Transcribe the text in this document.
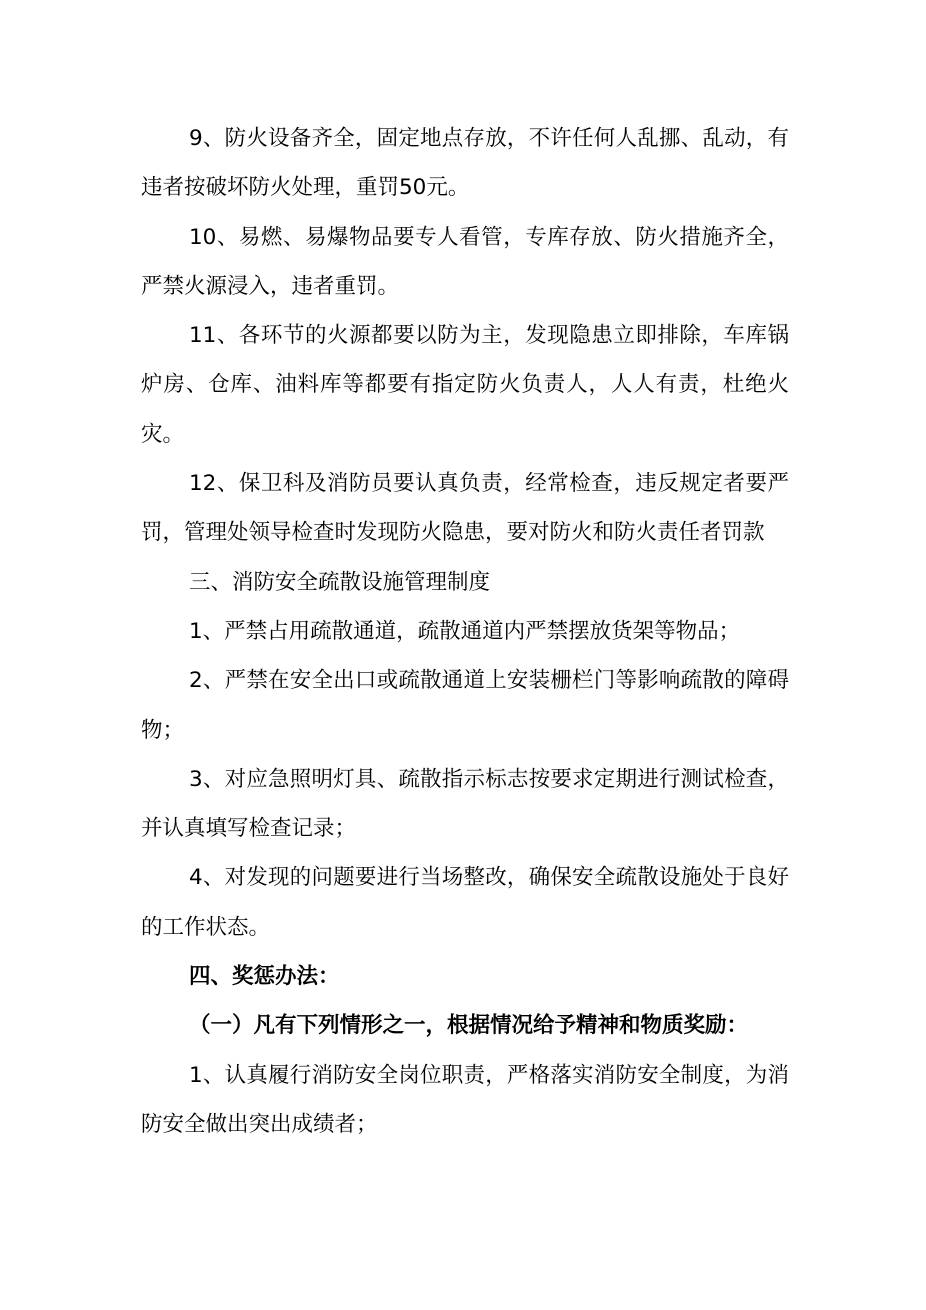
9、防火设备齐全，固定地点存放，不许任何人乱挪、乱动，有违者按破坏防火处理，重罚50元。

10、易燃、易爆物品要专人看管，专库存放、防火措施齐全，严禁火源浸入，违者重罚。

11、各环节的火源都要以防为主，发现隐患立即排除，车库锅炉房、仓库、油料库等都要有指定防火负责人，人人有责，杜绝火灾。

12、保卫科及消防员要认真负责，经常检查，违反规定者要严罚，管理处领导检查时发现防火隐患，要对防火和防火责任者罚款

三、消防安全疏散设施管理制度

1、严禁占用疏散通道，疏散通道内严禁摆放货架等物品；

2、严禁在安全出口或疏散通道上安装栅栏门等影响疏散的障碍物；

3、对应急照明灯具、疏散指示标志按要求定期进行测试检查，并认真填写检查记录；

4、对发现的问题要进行当场整改，确保安全疏散设施处于良好的工作状态。

四、奖惩办法：

（一）凡有下列情形之一，根据情况给予精神和物质奖励：

1、认真履行消防安全岗位职责，严格落实消防安全制度，为消防安全做出突出成绩者；
